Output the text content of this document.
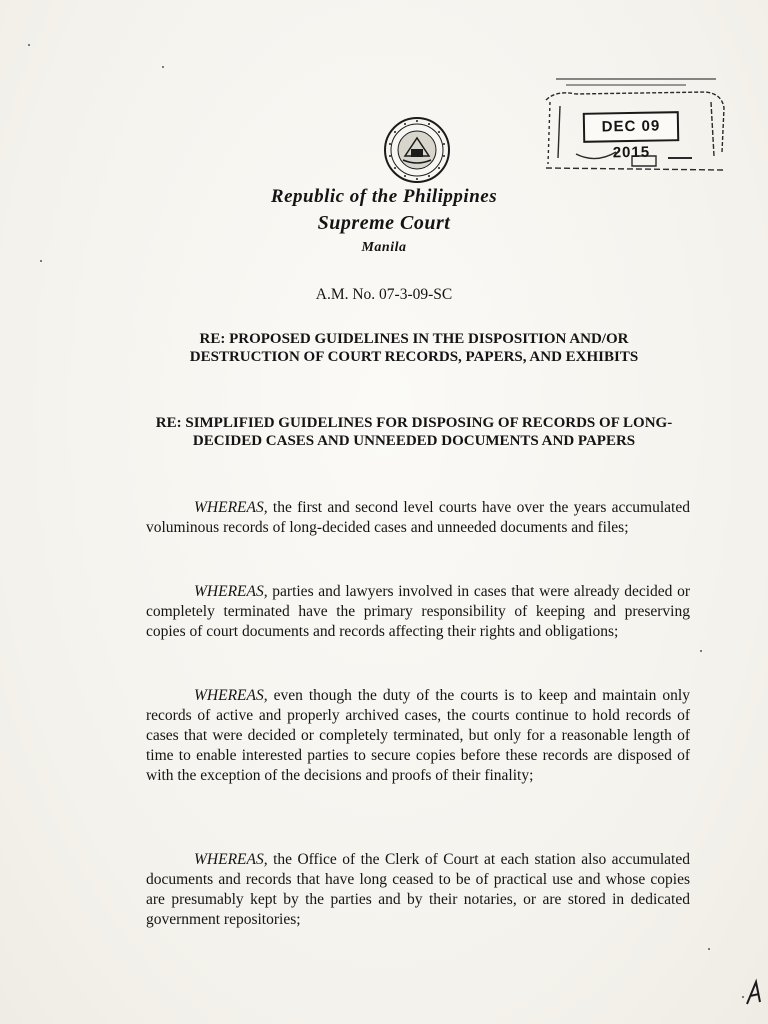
DEC 09 2015
Republic of the Philippines
Supreme Court
Manila
A.M. No. 07-3-09-SC
RE: PROPOSED GUIDELINES IN THE DISPOSITION AND/OR DESTRUCTION OF COURT RECORDS, PAPERS, AND EXHIBITS
RE: SIMPLIFIED GUIDELINES FOR DISPOSING OF RECORDS OF LONG-DECIDED CASES AND UNNEEDED DOCUMENTS AND PAPERS
WHEREAS, the first and second level courts have over the years accumulated voluminous records of long-decided cases and unneeded documents and files;
WHEREAS, parties and lawyers involved in cases that were already decided or completely terminated have the primary responsibility of keeping and preserving copies of court documents and records affecting their rights and obligations;
WHEREAS, even though the duty of the courts is to keep and maintain only records of active and properly archived cases, the courts continue to hold records of cases that were decided or completely terminated, but only for a reasonable length of time to enable interested parties to secure copies before these records are disposed of with the exception of the decisions and proofs of their finality;
WHEREAS, the Office of the Clerk of Court at each station also accumulated documents and records that have long ceased to be of practical use and whose copies are presumably kept by the parties and by their notaries, or are stored in dedicated government repositories;
